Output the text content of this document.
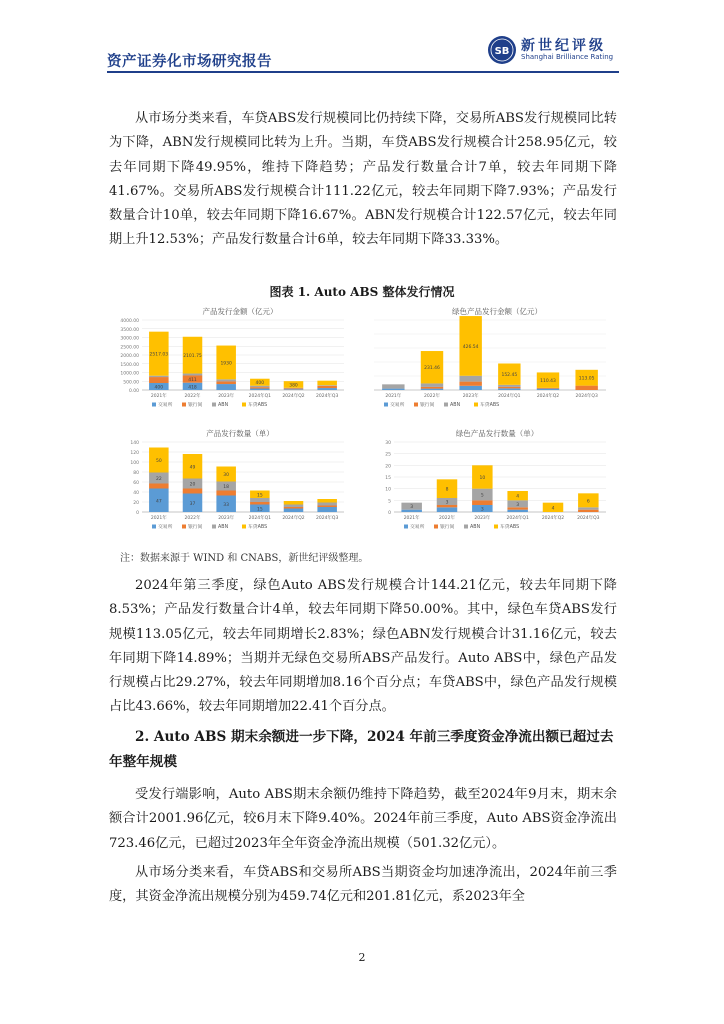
资产证券化市场研究报告
SB 新世纪评级
Shanghai Brilliance Rating
从市场分类来看，车贷ABS发行规模同比仍持续下降，交易所ABS发行规模同比转为下降，ABN发行规模同比转为上升。当期，车贷ABS发行规模合计258.95亿元，较去年同期下降49.95%，维持下降趋势；产品发行数量合计7单，较去年同期下降41.67%。交易所ABS发行规模合计111.22亿元，较去年同期下降7.93%；产品发行数量合计10单，较去年同期下降16.67%。ABN发行规模合计122.57亿元，较去年同期上升12.53%；产品发行数量合计6单，较去年同期下降33.33%。
图表 1. Auto ABS 整体发行情况
产品发行金额（亿元）
0.00
500.00
1000.00
1500.00
2000.00
2500.00
3000.00
3500.00
4000.00
400
2517.03
2021年
418
411
2101.75
2022年
1930
2023年
400
2024年Q1
380
2024年Q2	2024年Q3
交易所	银行间	ABN	车贷ABS
绿色产品发行金额（亿元）
2021年
231.46
2022年
426.54
2023年
152.45
2024年Q1
110.43
2024年Q2
113.05
2024年Q3
交易所	银行间	ABN	车贷ABS
产品发行数量（单）
0
20
40
60
80
100
120
140
47
22
50
2021年
37
20
49
2022年
33
18
30
2023年
15
15
2024年Q1	2024年Q2	2024年Q3
交易所	银行间	ABN	车贷ABS
绿色产品发行数量（单）
0
5
10
15
20
25
30
3
2021年
3
8
2022年
3
5
10
2023年
3
4
2024年Q1
4
2024年Q2
6
2024年Q3
交易所	银行间	ABN	车贷ABS
注：数据来源于 WIND 和 CNABS，新世纪评级整理。
2024年第三季度，绿色Auto ABS发行规模合计144.21亿元，较去年同期下降8.53%；产品发行数量合计4单，较去年同期下降50.00%。其中，绿色车贷ABS发行规模113.05亿元，较去年同期增长2.83%；绿色ABN发行规模合计31.16亿元，较去年同期下降14.89%；当期并无绿色交易所ABS产品发行。Auto ABS中，绿色产品发行规模占比29.27%，较去年同期增加8.16个百分点；车贷ABS中，绿色产品发行规模占比43.66%，较去年同期增加22.41个百分点。
2. Auto ABS 期末余额进一步下降，2024 年前三季度资金净流出额已超过去年整年规模
受发行端影响，Auto ABS期末余额仍维持下降趋势，截至2024年9月末，期末余额合计2001.96亿元，较6月末下降9.40%。2024年前三季度，Auto ABS资金净流出723.46亿元，已超过2023年全年资金净流出规模（501.32亿元）。
从市场分类来看，车贷ABS和交易所ABS当期资金均加速净流出，2024年前三季度，其资金净流出规模分别为459.74亿元和201.81亿元，系2023年全
2
